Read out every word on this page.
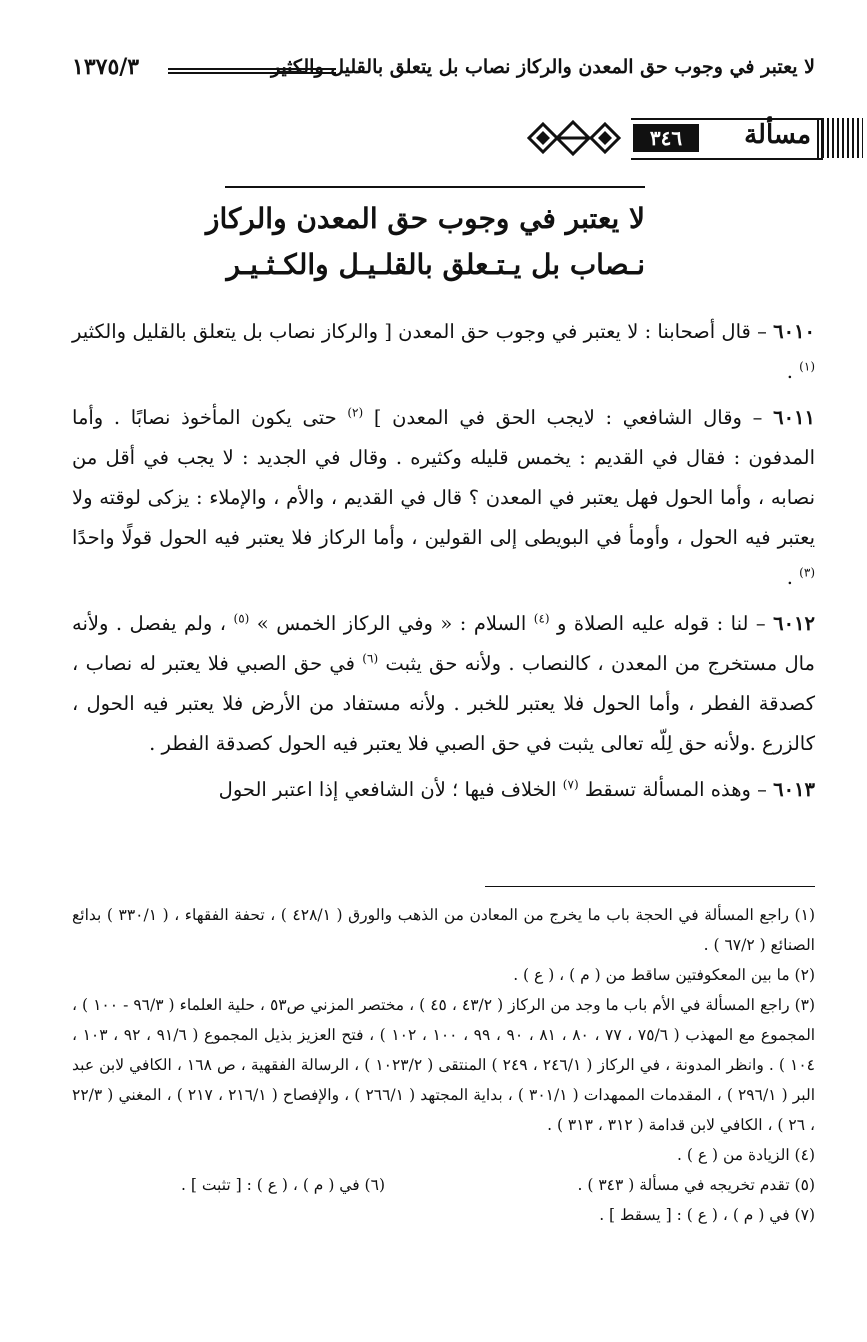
لا يعتبر في وجوب حق المعدن والركاز نصاب بل يتعلق بالقليل والكثير
١٣٧٥/٣
مسألة
٣٤٦
لا يعتبر في وجوب حق المعدن والركاز
نـصاب بل يـتـعلق بالقلـيـل والكـثـيـر

٦٠١٠ – قال أصحابنا : لا يعتبر في وجوب حق المعدن [ والركاز نصاب بل يتعلق بالقليل والكثير $^{(١)}$ .

٦٠١١ – وقال الشافعي : لايجب الحق في المعدن ] $^{(٢)}$ حتى يكون المأخوذ نصابًا . وأما المدفون : فقال في القديم : يخمس قليله وكثيره . وقال في الجديد : لا يجب في أقل من نصابه ، وأما الحول فهل يعتبر في المعدن ؟ قال في القديم ، والأم ، والإملاء : يزكى لوقته ولا يعتبر فيه الحول ، وأومأ في البويطى إلى القولين ، وأما الركاز فلا يعتبر فيه الحول قولًا واحدًا $^{(٣)}$ .

٦٠١٢ – لنا : قوله عليه الصلاة و $^{(٤)}$ السلام : « وفي الركاز الخمس » $^{(٥)}$ ، ولم يفصل . ولأنه مال مستخرج من المعدن ، كالنصاب . ولأنه حق يثبت $^{(٦)}$ في حق الصبي فلا يعتبر له نصاب ، كصدقة الفطر ، وأما الحول فلا يعتبر للخبر . ولأنه مستفاد من الأرض فلا يعتبر فيه الحول ، كالزرع .ولأنه حق لِلّه تعالى يثبت في حق الصبي فلا يعتبر فيه الحول كصدقة الفطر .

٦٠١٣ – وهذه المسألة تسقط $^{(٧)}$ الخلاف فيها ؛ لأن الشافعي إذا اعتبر الحول

(١) راجع المسألة في الحجة باب ما يخرج من المعادن من الذهب والورق ( ٤٢٨/١ ) ، تحفة الفقهاء ، ( ٣٣٠/١ ) بدائع الصنائع ( ٦٧/٢ ) .

(٢) ما بين المعكوفتين ساقط من ( م ) ، ( ع ) .

(٣) راجع المسألة في الأم باب ما وجد من الركاز ( ٤٣/٢ ، ٤٥ ) ، مختصر المزني ص٥٣ ، حلية العلماء ( ٩٦/٣ - ١٠٠ ) ، المجموع مع المهذب ( ٧٥/٦ ، ٧٧ ، ٨٠ ، ٨١ ، ٩٠ ، ٩٩ ، ١٠٠ ، ١٠٢ ) ، فتح العزيز بذيل المجموع ( ٩١/٦ ، ٩٢ ، ١٠٣ ، ١٠٤ ) . وانظر المدونة ، في الركاز ( ٢٤٦/١ ، ٢٤٩ ) المنتقى ( ١٠٢٣/٢ ) ، الرسالة الفقهية ، ص ١٦٨ ، الكافي لابن عبد البر ( ٢٩٦/١ ) ، المقدمات الممهدات ( ٣٠١/١ ) ، بداية المجتهد ( ٢٦٦/١ ) ، والإفصاح ( ٢١٦/١ ، ٢١٧ ) ، المغني ( ٢٢/٣ ، ٢٦ ) ، الكافي لابن قدامة ( ٣١٢ ، ٣١٣ ) .

(٤) الزيادة من ( ع ) .
(٥) تقدم تخريجه في مسألة ( ٣٤٣ ) .
(٦) في ( م ) ، ( ع ) : [ تثبت ] .

(٧) في ( م ) ، ( ع ) : [ يسقط ] .
